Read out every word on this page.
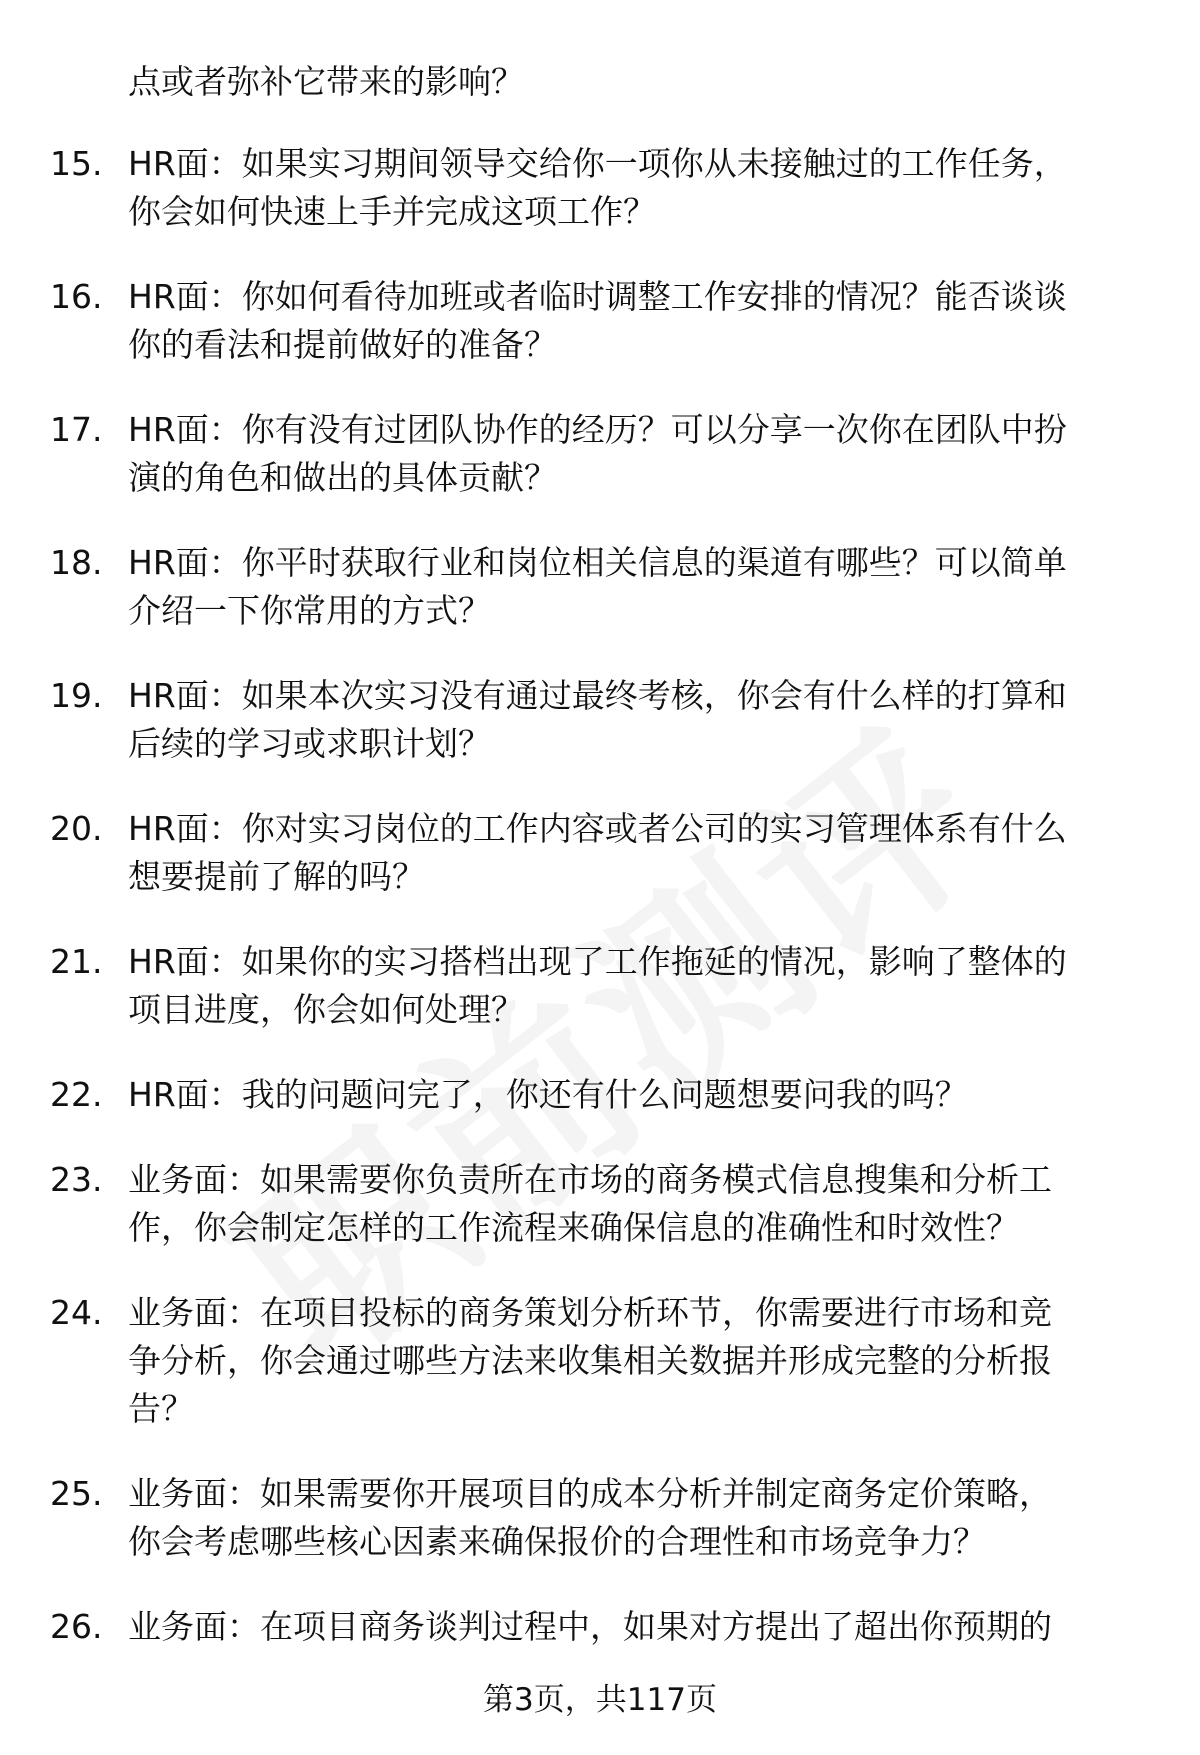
点或者弥补它带来的影响？
15. HR面：如果实习期间领导交给你一项你从未接触过的工作任务，
你会如何快速上手并完成这项工作？
16. HR面：你如何看待加班或者临时调整工作安排的情况？能否谈谈
你的看法和提前做好的准备？
17. HR面：你有没有过团队协作的经历？可以分享一次你在团队中扮
演的角色和做出的具体贡献？
18. HR面：你平时获取行业和岗位相关信息的渠道有哪些？可以简单
介绍一下你常用的方式？
19. HR面：如果本次实习没有通过最终考核，你会有什么样的打算和
后续的学习或求职计划？
20. HR面：你对实习岗位的工作内容或者公司的实习管理体系有什么
想要提前了解的吗？
21. HR面：如果你的实习搭档出现了工作拖延的情况，影响了整体的
项目进度，你会如何处理？
22. HR面：我的问题问完了，你还有什么问题想要问我的吗？
23. 业务面：如果需要你负责所在市场的商务模式信息搜集和分析工
作，你会制定怎样的工作流程来确保信息的准确性和时效性？
24. 业务面：在项目投标的商务策划分析环节，你需要进行市场和竞
争分析，你会通过哪些方法来收集相关数据并形成完整的分析报
告？
25. 业务面：如果需要你开展项目的成本分析并制定商务定价策略，
你会考虑哪些核心因素来确保报价的合理性和市场竞争力？
26. 业务面：在项目商务谈判过程中，如果对方提出了超出你预期的
第3页，共117页
